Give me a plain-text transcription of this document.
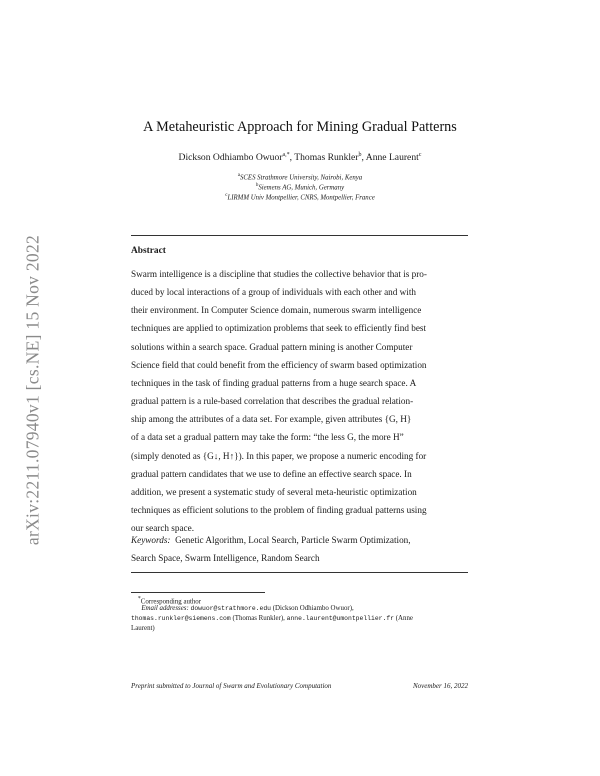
arXiv:2211.07940v1 [cs.NE] 15 Nov 2022
A Metaheuristic Approach for Mining Gradual Patterns
Dickson Odhiambo Owuor$^{a,*}$, Thomas Runkler$^b$, Anne Laurent$^c$
$^a$SCES Strathmore University, Nairobi, Kenya
$^b$Siemens AG, Munich, Germany
$^c$LIRMM Univ Montpellier, CNRS, Montpellier, France
Abstract
Swarm intelligence is a discipline that studies the collective behavior that is pro-
duced by local interactions of a group of individuals with each other and with
their environment. In Computer Science domain, numerous swarm intelligence
techniques are applied to optimization problems that seek to efficiently find best
solutions within a search space. Gradual pattern mining is another Computer
Science field that could benefit from the efficiency of swarm based optimization
techniques in the task of finding gradual patterns from a huge search space. A
gradual pattern is a rule-based correlation that describes the gradual relation-
ship among the attributes of a data set. For example, given attributes {G, H}
of a data set a gradual pattern may take the form: “the less G, the more H”
(simply denoted as {G↓, H↑}). In this paper, we propose a numeric encoding for
gradual pattern candidates that we use to define an effective search space. In
addition, we present a systematic study of several meta-heuristic optimization
techniques as efficient solutions to the problem of finding gradual patterns using
our search space.
Keywords: Genetic Algorithm, Local Search, Particle Swarm Optimization,
Search Space, Swarm Intelligence, Random Search
*Corresponding author
Email addresses: dowuor@strathmore.edu (Dickson Odhiambo Owuor),
thomas.runkler@siemens.com (Thomas Runkler), anne.laurent@umontpellier.fr (Anne
Laurent)
Preprint submitted to Journal of Swarm and Evolutionary Computation	November 16, 2022
